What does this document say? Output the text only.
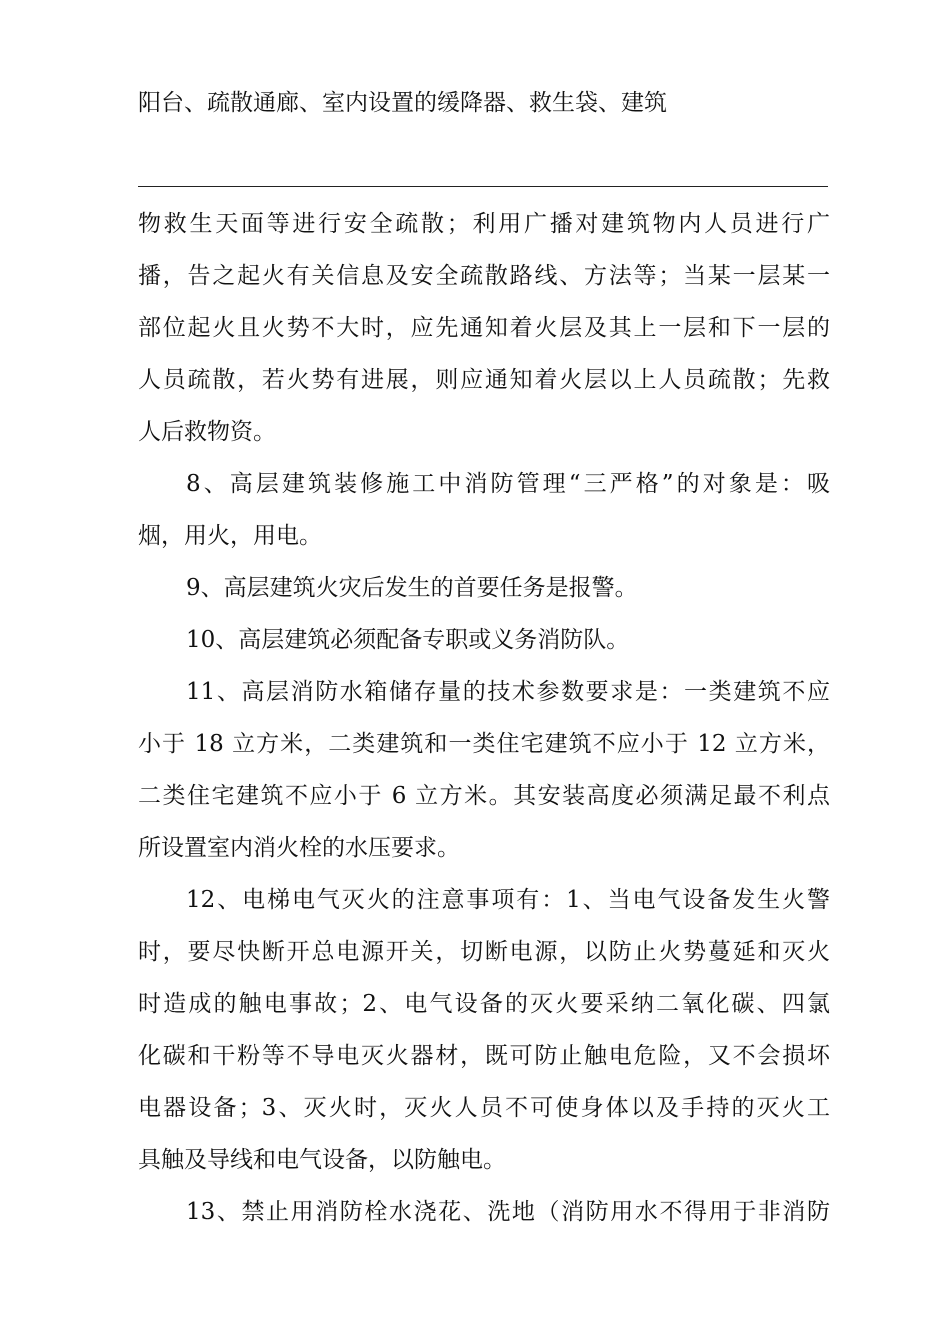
阳台、疏散通廊、室内设置的缓降器、救生袋、建筑
物救生天面等进行安全疏散；利用广播对建筑物内人员进行广
播，告之起火有关信息及安全疏散路线、方法等；当某一层某一
部位起火且火势不大时，应先通知着火层及其上一层和下一层的
人员疏散，若火势有进展，则应通知着火层以上人员疏散；先救
人后救物资。
8、高层建筑装修施工中消防管理“三严格”的对象是：吸
烟，用火，用电。
9、高层建筑火灾后发生的首要任务是报警。
10、高层建筑必须配备专职或义务消防队。
11、高层消防水箱储存量的技术参数要求是：一类建筑不应
小于 18 立方米，二类建筑和一类住宅建筑不应小于 12 立方米，
二类住宅建筑不应小于 6 立方米。其安装高度必须满足最不利点
所设置室内消火栓的水压要求。
12、电梯电气灭火的注意事项有：1、当电气设备发生火警
时，要尽快断开总电源开关，切断电源，以防止火势蔓延和灭火
时造成的触电事故；2、电气设备的灭火要采纳二氧化碳、四氯
化碳和干粉等不导电灭火器材，既可防止触电危险，又不会损坏
电器设备；3、灭火时，灭火人员不可使身体以及手持的灭火工
具触及导线和电气设备，以防触电。
13、禁止用消防栓水浇花、洗地（消防用水不得用于非消防
